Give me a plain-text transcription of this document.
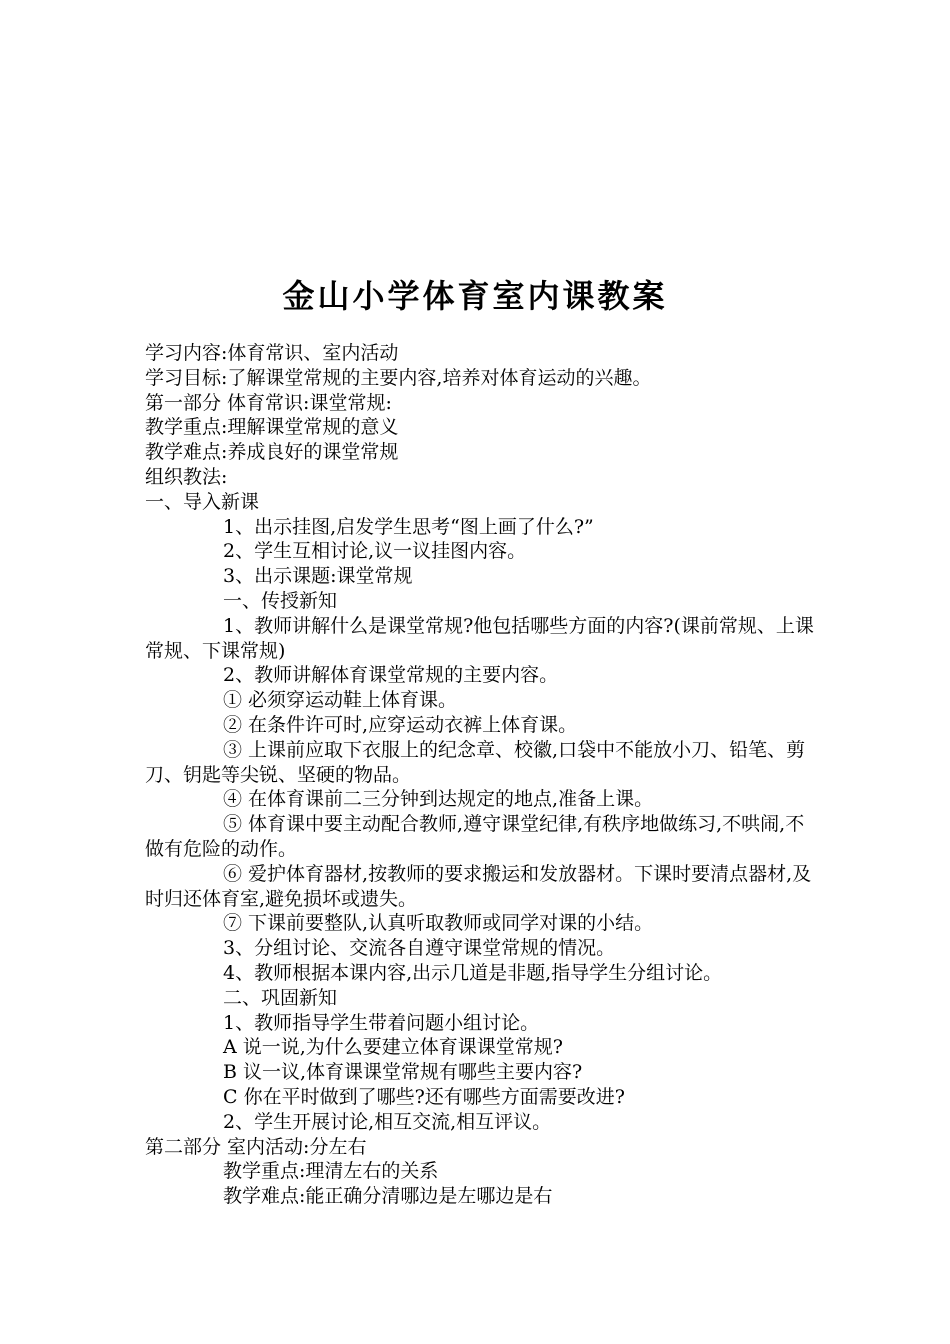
金山小学体育室内课教案
学习内容:体育常识、室内活动
学习目标:了解课堂常规的主要内容,培养对体育运动的兴趣。
第一部分 体育常识:课堂常规:
教学重点:理解课堂常规的意义
教学难点:养成良好的课堂常规
组织教法:
一、导入新课
1、出示挂图,启发学生思考“图上画了什么?”
2、学生互相讨论,议一议挂图内容。
3、出示课题:课堂常规
一、传授新知
1、教师讲解什么是课堂常规?他包括哪些方面的内容?(课前常规、上课常规、下课常规)
2、教师讲解体育课堂常规的主要内容。
① 必须穿运动鞋上体育课。
② 在条件许可时,应穿运动衣裤上体育课。
③ 上课前应取下衣服上的纪念章、校徽,口袋中不能放小刀、铅笔、剪刀、钥匙等尖锐、坚硬的物品。
④ 在体育课前二三分钟到达规定的地点,准备上课。
⑤ 体育课中要主动配合教师,遵守课堂纪律,有秩序地做练习,不哄闹,不做有危险的动作。
⑥ 爱护体育器材,按教师的要求搬运和发放器材。下课时要清点器材,及时归还体育室,避免损坏或遗失。
⑦ 下课前要整队,认真听取教师或同学对课的小结。
3、分组讨论、交流各自遵守课堂常规的情况。
4、教师根据本课内容,出示几道是非题,指导学生分组讨论。
二、巩固新知
1、教师指导学生带着问题小组讨论。
A 说一说,为什么要建立体育课课堂常规?
B 议一议,体育课课堂常规有哪些主要内容?
C 你在平时做到了哪些?还有哪些方面需要改进?
2、学生开展讨论,相互交流,相互评议。
第二部分 室内活动:分左右
教学重点:理清左右的关系
教学难点:能正确分清哪边是左哪边是右
